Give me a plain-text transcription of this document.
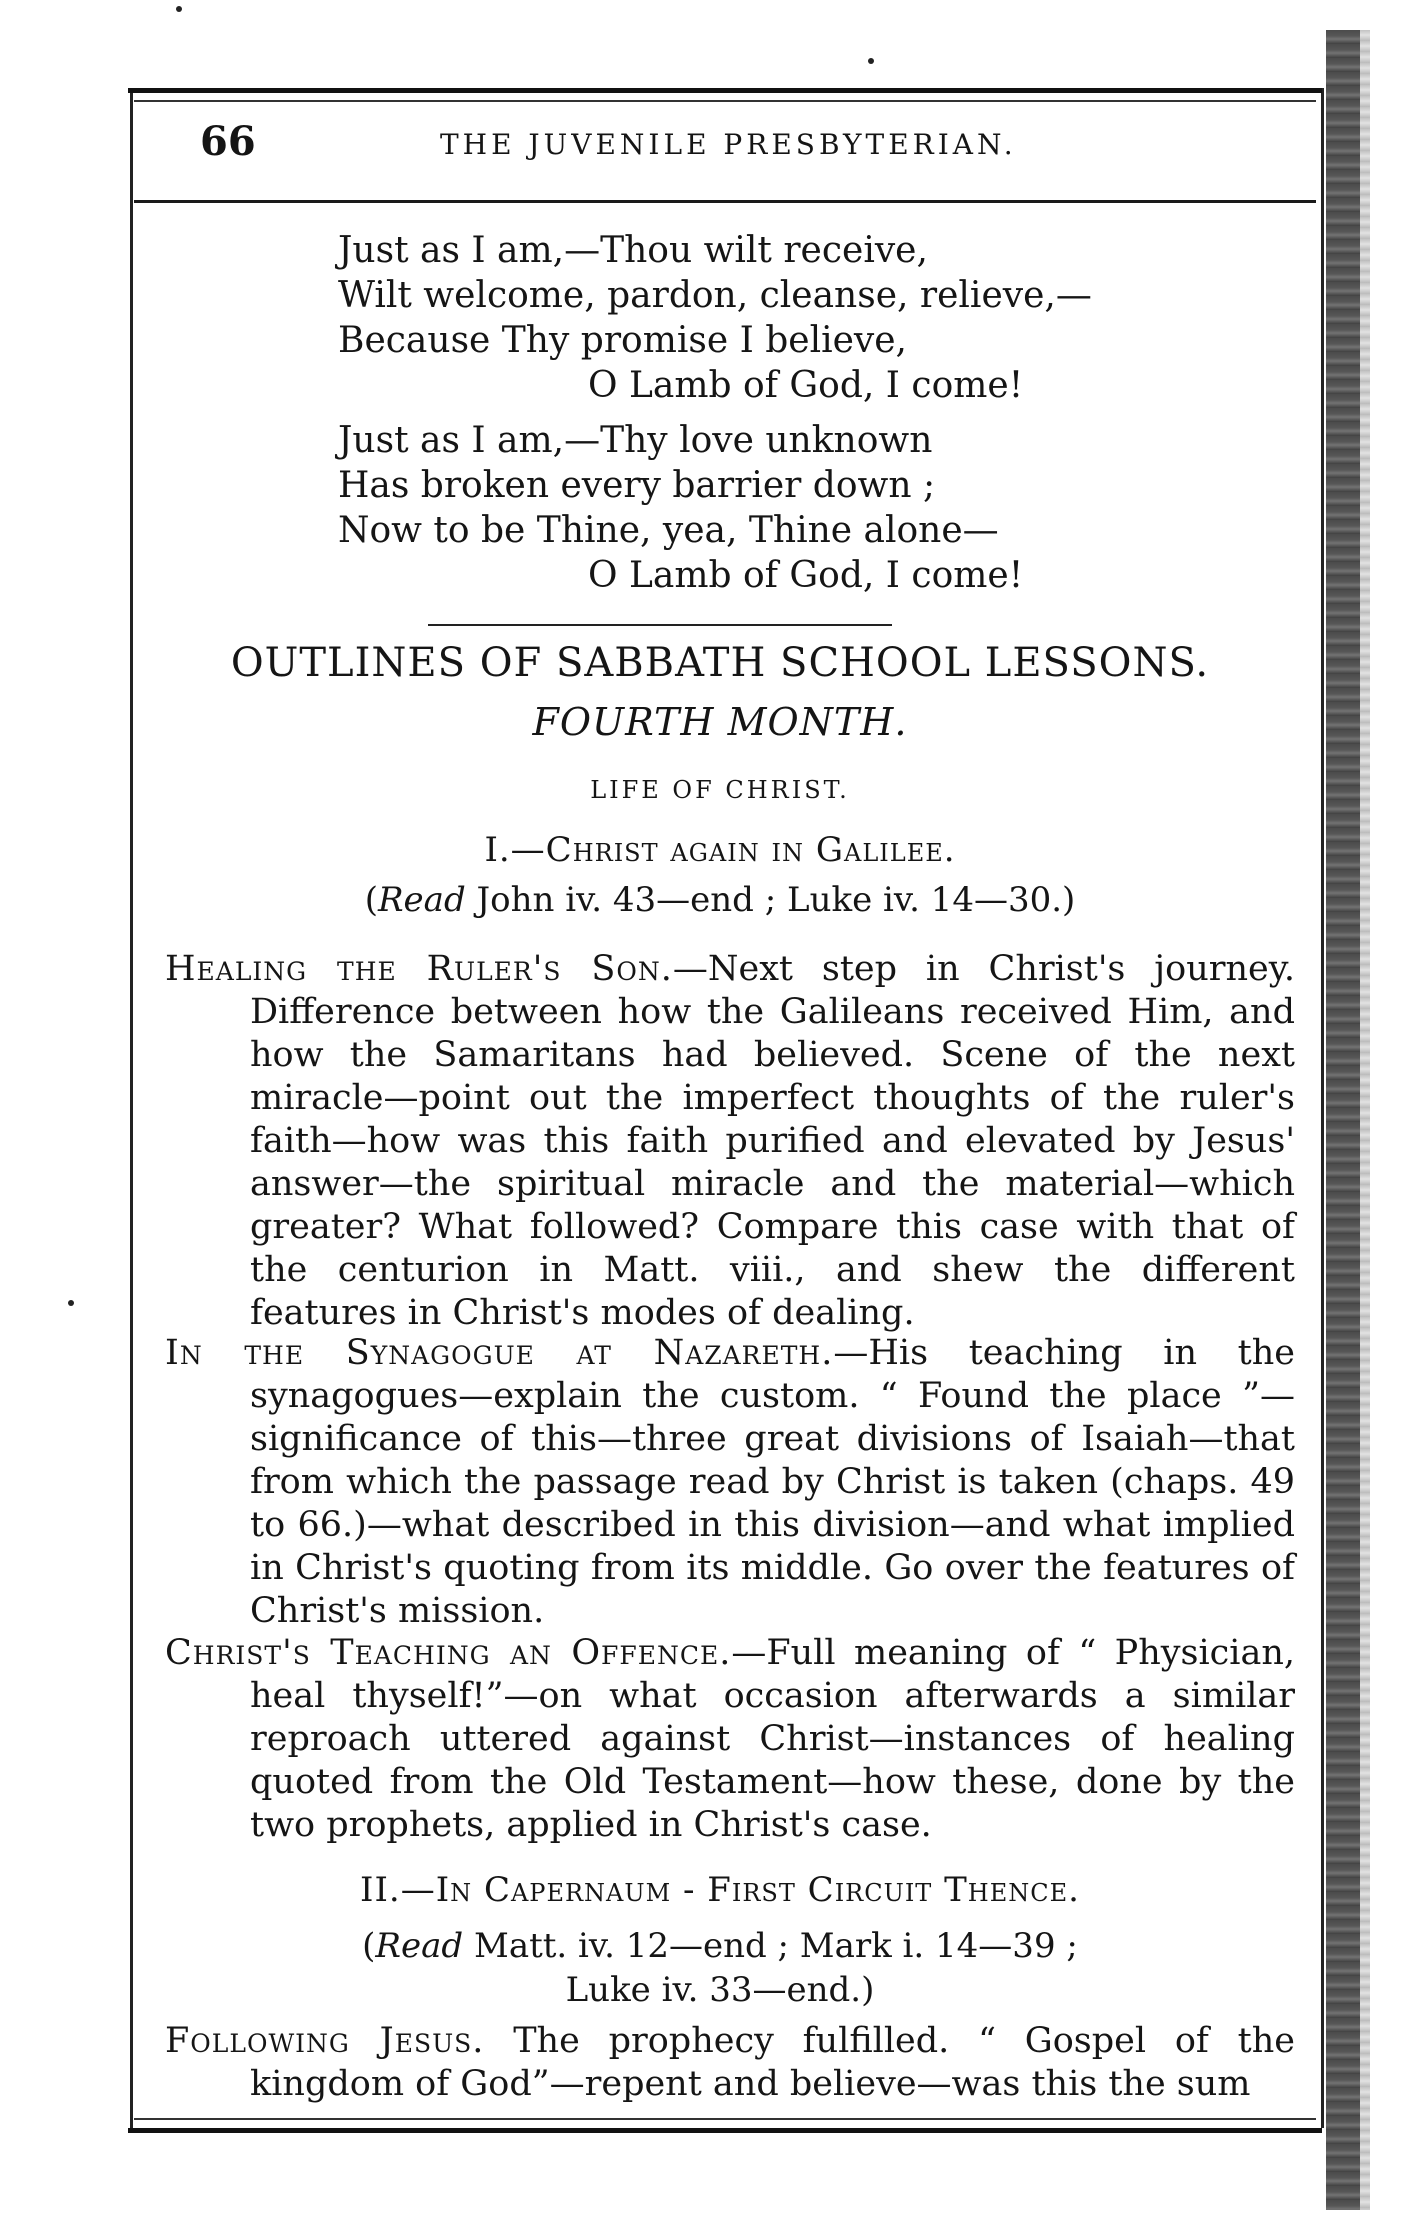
66	THE JUVENILE PRESBYTERIAN.
Just as I am,—Thou wilt receive,
Wilt welcome, pardon, cleanse, relieve,—
Because Thy promise I believe,
O Lamb of God, I come!
Just as I am,—Thy love unknown
Has broken every barrier down ;
Now to be Thine, yea, Thine alone—
O Lamb of God, I come!
OUTLINES OF SABBATH SCHOOL LESSONS.
FOURTH MONTH.
LIFE OF CHRIST.
I.—Christ again in Galilee.
(Read John iv. 43—end ; Luke iv. 14—30.)
Healing the Ruler's Son.—Next step in Christ's journey. Difference between how the Galileans received Him, and how the Samaritans had believed. Scene of the next miracle—point out the imperfect thoughts of the ruler's faith—how was this faith purified and elevated by Jesus' answer—the spiritual miracle and the material—which greater? What followed? Compare this case with that of the centurion in Matt. viii., and shew the different features in Christ's modes of dealing.
In the Synagogue at Nazareth.—His teaching in the synagogues—explain the custom. “ Found the place ”—significance of this—three great divisions of Isaiah—that from which the passage read by Christ is taken (chaps. 49 to 66.)—what described in this division—and what implied in Christ's quoting from its middle. Go over the features of Christ's mission.
Christ's Teaching an Offence.—Full meaning of “ Physician, heal thyself!”—on what occasion afterwards a similar reproach uttered against Christ—instances of healing quoted from the Old Testament—how these, done by the two prophets, applied in Christ's case.
II.—In Capernaum - First Circuit Thence.
(Read Matt. iv. 12—end ; Mark i. 14—39 ;
Luke iv. 33—end.)
Following Jesus. The prophecy fulfilled. “ Gospel of the kingdom of God”—repent and believe—was this the sum
